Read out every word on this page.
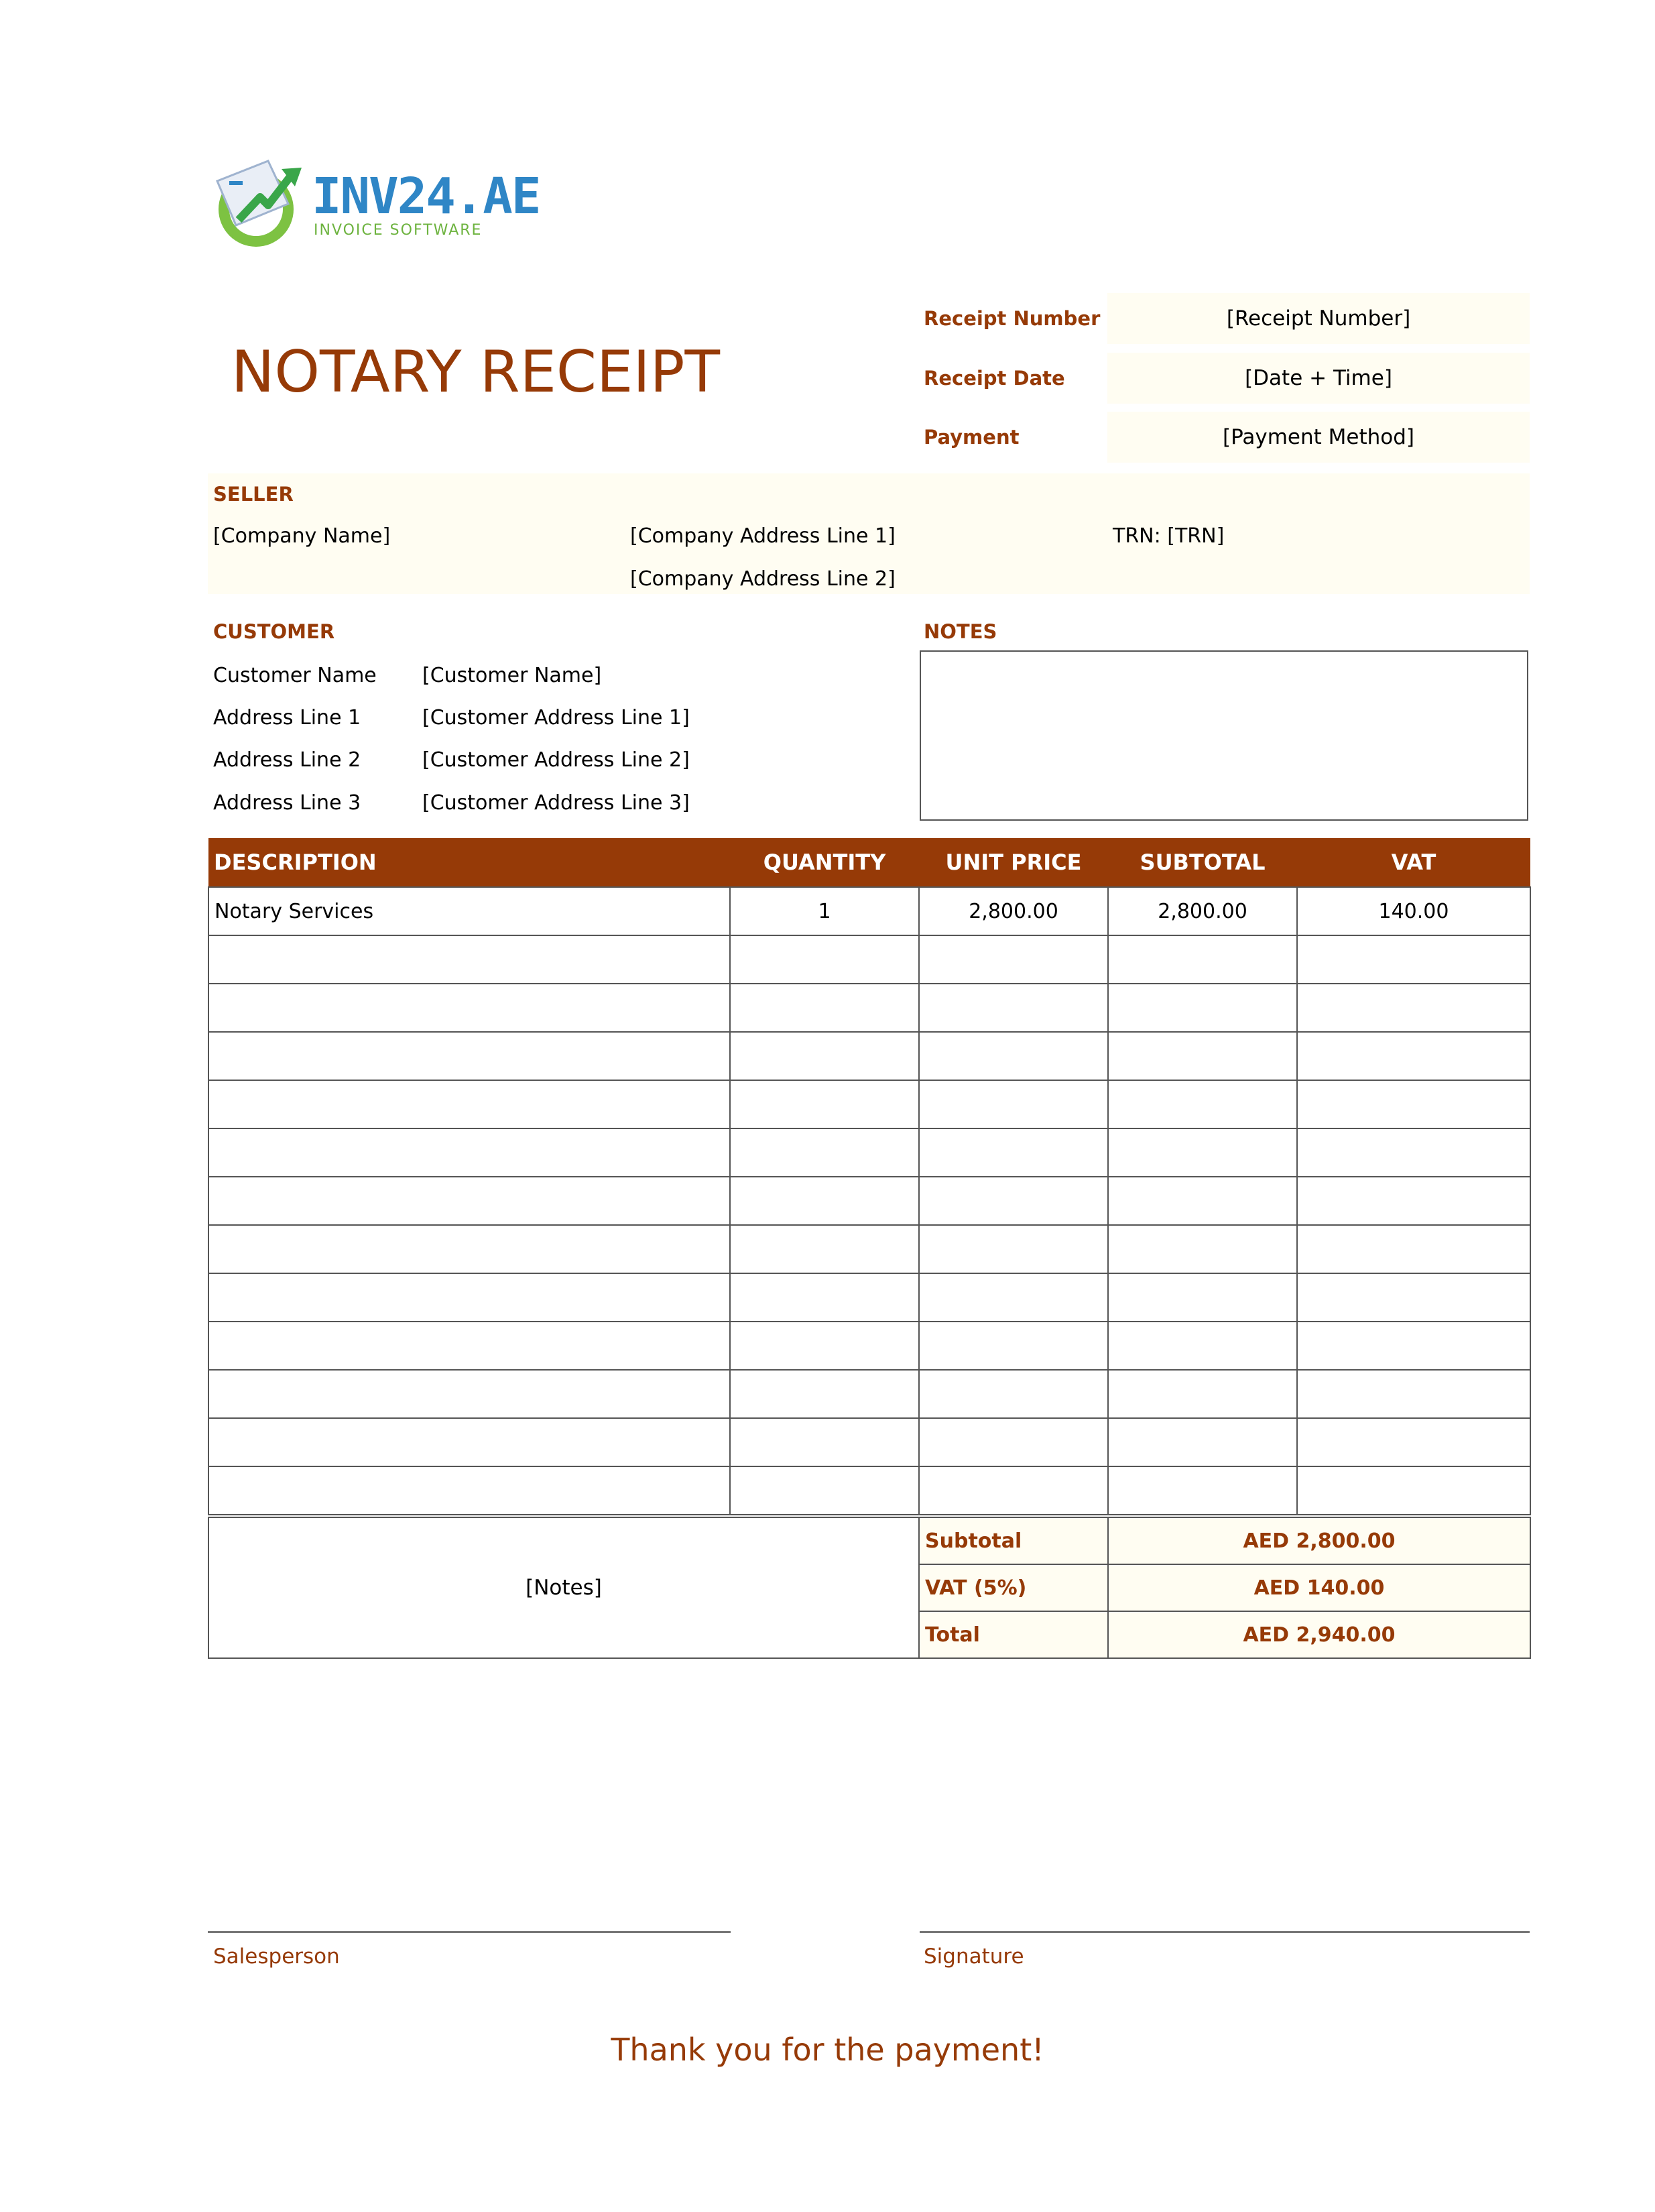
INV24.AE
INVOICE SOFTWARE
NOTARY RECEIPT
Receipt Number	[Receipt Number]
Receipt Date	[Date + Time]
Payment	[Payment Method]
SELLER
[Company Name]	[Company Address Line 1]
[Company Address Line 2]
TRN: [TRN]
CUSTOMER
Customer Name [Customer Name]
Address Line 1	[Customer Address Line 1]
Address Line 2	[Customer Address Line 2]
Address Line 3	[Customer Address Line 3]
NOTES
DESCRIPTION	QUANTITY	UNIT PRICE	SUBTOTAL	VAT
Notary Services	1	2,800.00	2,800.00	140.00

[Notes]	Subtotal	AED 2,800.00
	VAT (5%)	AED 140.00
	Total	AED 2,940.00
Salesperson	Signature
Thank you for the payment!
